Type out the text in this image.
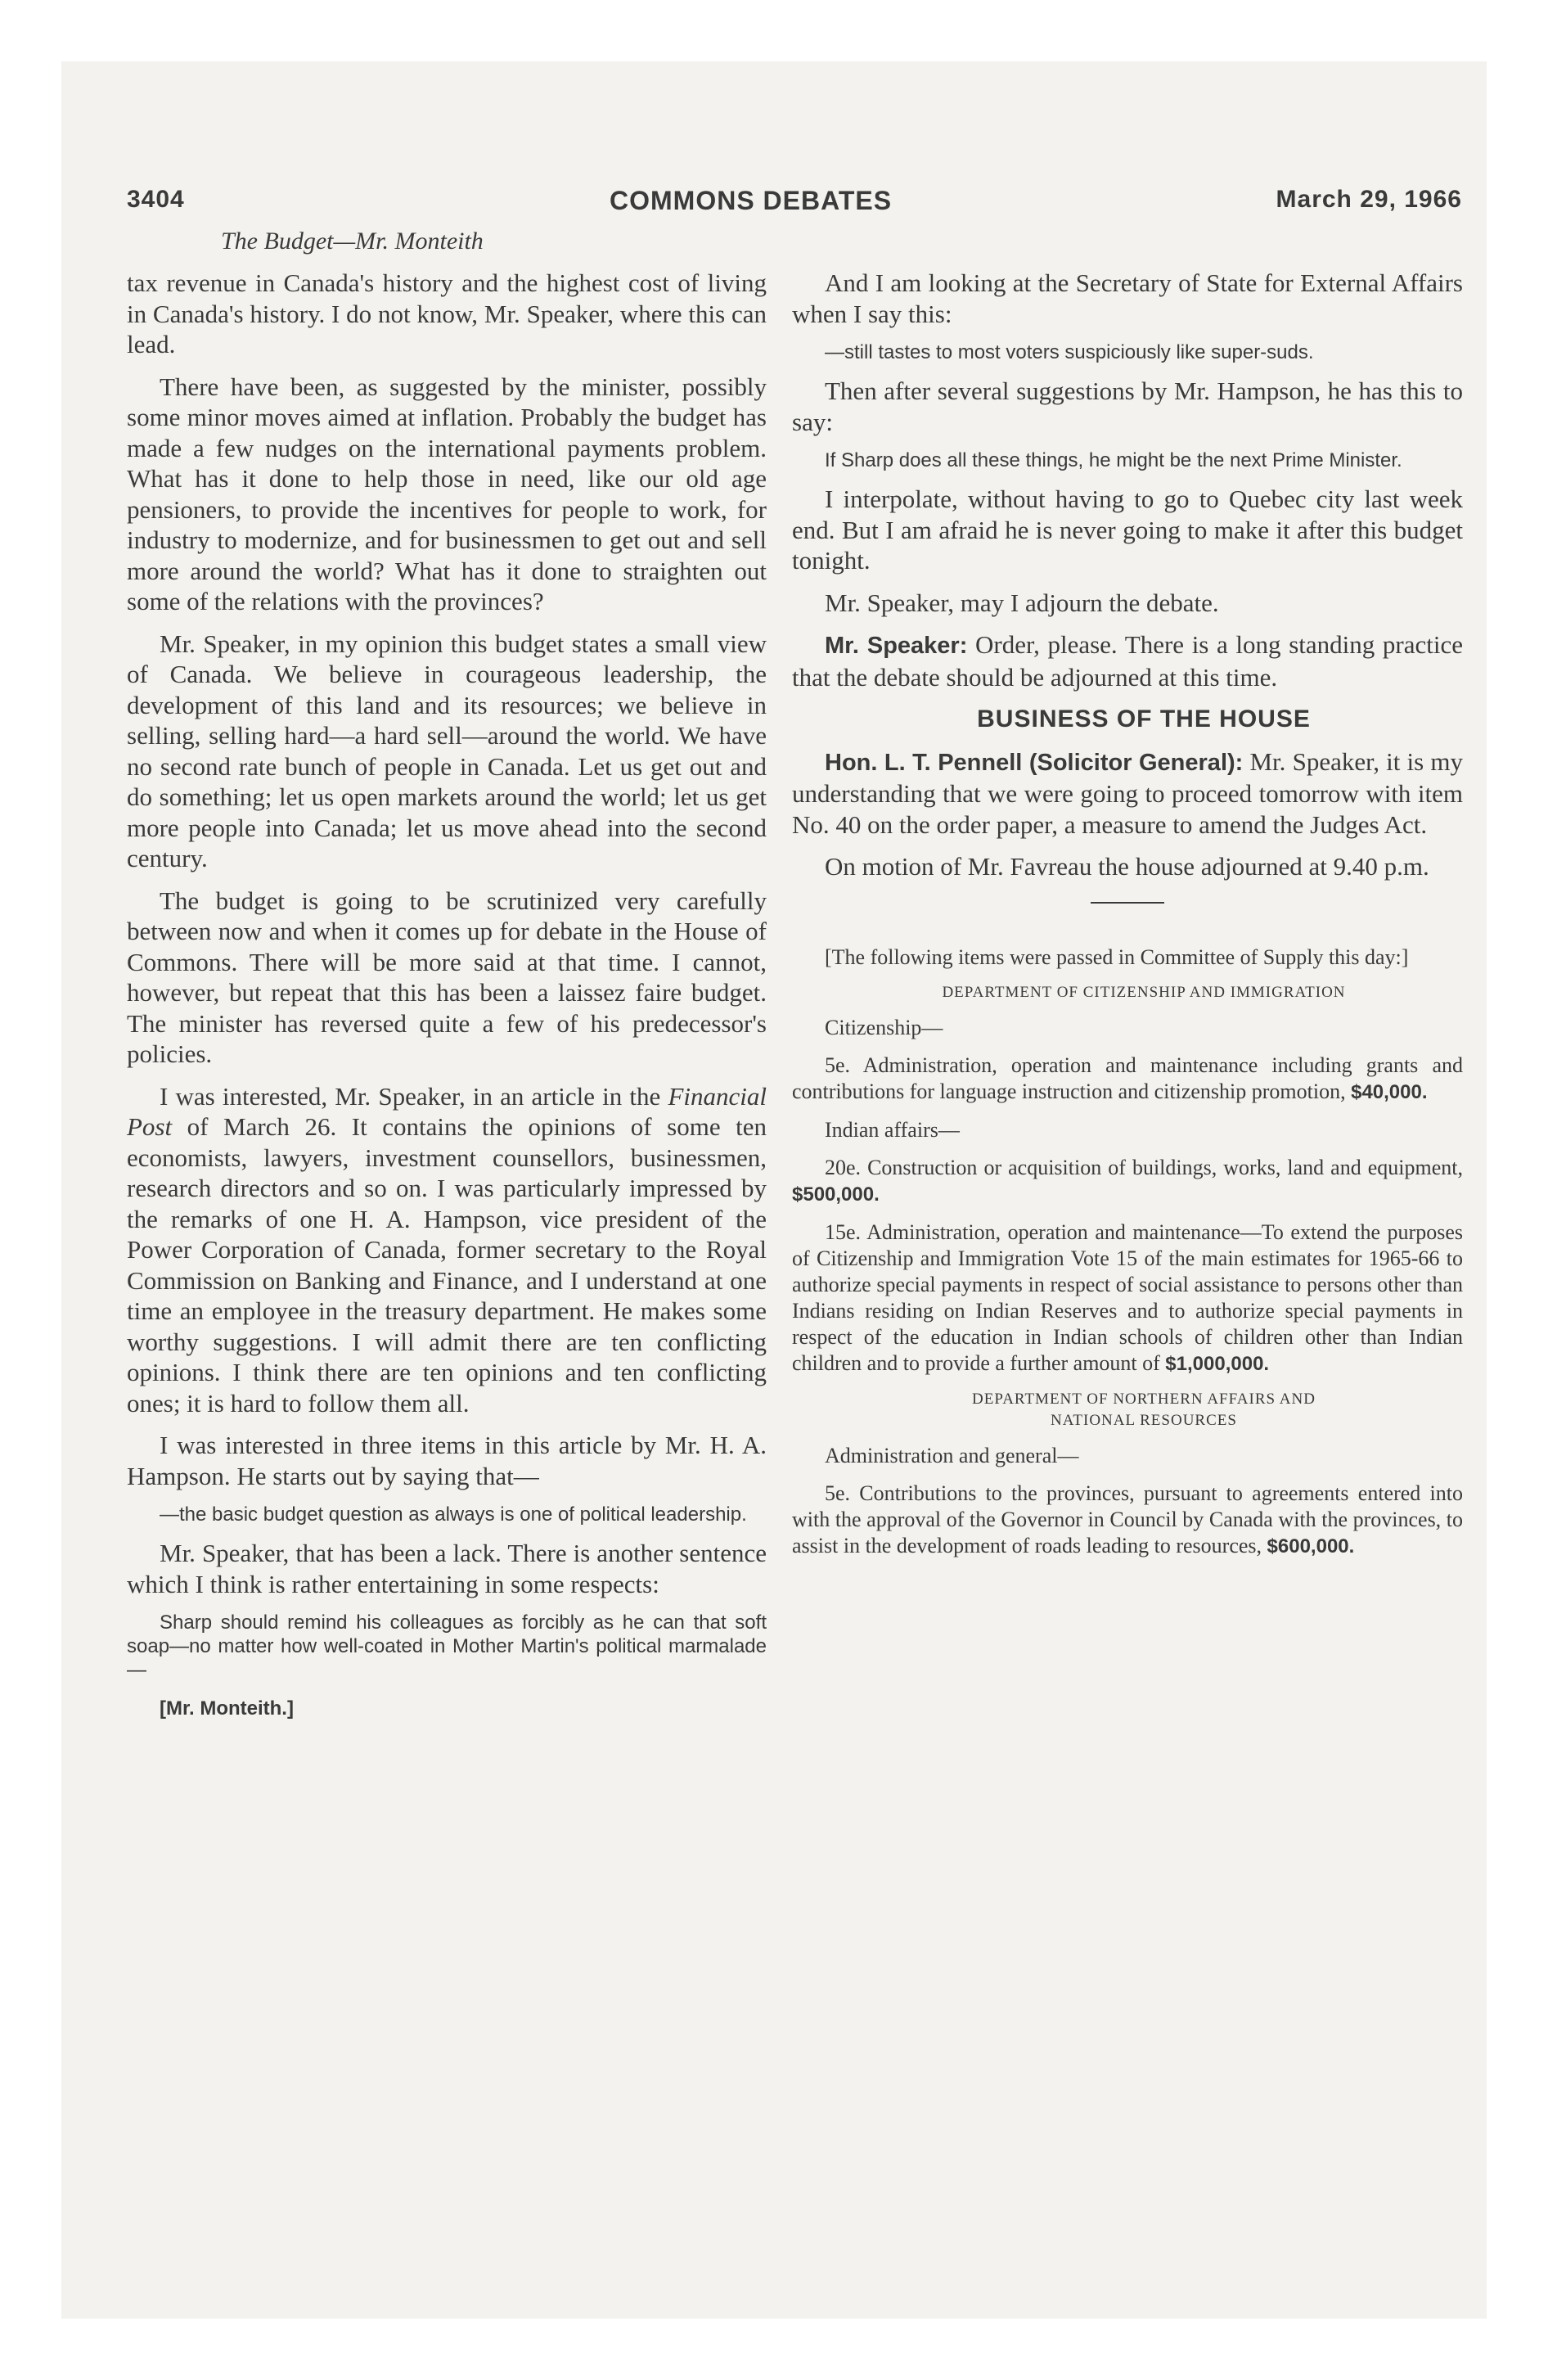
3404	COMMONS DEBATES	March 29, 1966
The Budget—Mr. Monteith

tax revenue in Canada's history and the highest cost of living in Canada's history. I do not know, Mr. Speaker, where this can lead.

There have been, as suggested by the minister, possibly some minor moves aimed at inflation. Probably the budget has made a few nudges on the international payments problem. What has it done to help those in need, like our old age pensioners, to provide the incentives for people to work, for industry to modernize, and for businessmen to get out and sell more around the world? What has it done to straighten out some of the relations with the provinces?

Mr. Speaker, in my opinion this budget states a small view of Canada. We believe in courageous leadership, the development of this land and its resources; we believe in selling, selling hard—a hard sell—around the world. We have no second rate bunch of people in Canada. Let us get out and do something; let us open markets around the world; let us get more people into Canada; let us move ahead into the second century.

The budget is going to be scrutinized very carefully between now and when it comes up for debate in the House of Commons. There will be more said at that time. I cannot, however, but repeat that this has been a laissez faire budget. The minister has reversed quite a few of his predecessor's policies.

I was interested, Mr. Speaker, in an article in the Financial Post of March 26. It contains the opinions of some ten economists, lawyers, investment counsellors, businessmen, research directors and so on. I was particularly impressed by the remarks of one H. A. Hampson, vice president of the Power Corporation of Canada, former secretary to the Royal Commission on Banking and Finance, and I understand at one time an employee in the treasury department. He makes some worthy suggestions. I will admit there are ten conflicting opinions. I think there are ten opinions and ten conflicting ones; it is hard to follow them all.

I was interested in three items in this article by Mr. H. A. Hampson. He starts out by saying that—

—the basic budget question as always is one of political leadership.

Mr. Speaker, that has been a lack. There is another sentence which I think is rather entertaining in some respects:

Sharp should remind his colleagues as forcibly as he can that soft soap—no matter how well-coated in Mother Martin's political marmalade—

[Mr. Monteith.]

And I am looking at the Secretary of State for External Affairs when I say this:

—still tastes to most voters suspiciously like super-suds.

Then after several suggestions by Mr. Hampson, he has this to say:

If Sharp does all these things, he might be the next Prime Minister.

I interpolate, without having to go to Quebec city last week end. But I am afraid he is never going to make it after this budget tonight.

Mr. Speaker, may I adjourn the debate.

Mr. Speaker: Order, please. There is a long standing practice that the debate should be adjourned at this time.

BUSINESS OF THE HOUSE

Hon. L. T. Pennell (Solicitor General): Mr. Speaker, it is my understanding that we were going to proceed tomorrow with item No. 40 on the order paper, a measure to amend the Judges Act.

On motion of Mr. Favreau the house adjourned at 9.40 p.m.

[The following items were passed in Committee of Supply this day:]

DEPARTMENT OF CITIZENSHIP AND IMMIGRATION

Citizenship—

5e. Administration, operation and maintenance including grants and contributions for language instruction and citizenship promotion, $40,000.

Indian affairs—

20e. Construction or acquisition of buildings, works, land and equipment, $500,000.

15e. Administration, operation and maintenance—To extend the purposes of Citizenship and Immigration Vote 15 of the main estimates for 1965-66 to authorize special payments in respect of social assistance to persons other than Indians residing on Indian Reserves and to authorize special payments in respect of the education in Indian schools of children other than Indian children and to provide a further amount of $1,000,000.

DEPARTMENT OF NORTHERN AFFAIRS AND
NATIONAL RESOURCES

Administration and general—

5e. Contributions to the provinces, pursuant to agreements entered into with the approval of the Governor in Council by Canada with the provinces, to assist in the development of roads leading to resources, $600,000.
